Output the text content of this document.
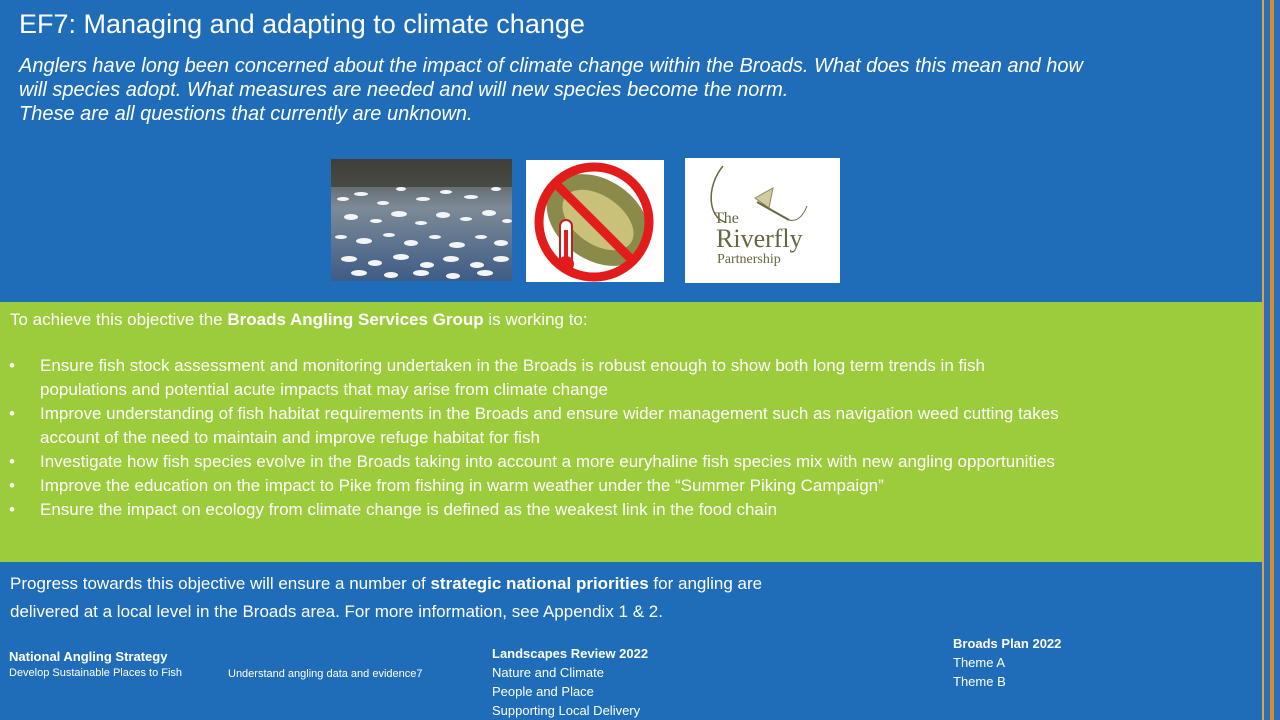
EF7: Managing and adapting to climate change
Anglers have long been concerned about the impact of climate change within the Broads. What does this mean and how
will species adopt. What measures are needed and will new species become the norm.
These are all questions that currently are unknown.
The
Riverfly
Partnership
To achieve this objective the Broads Angling Services Group is working to:
• Ensure fish stock assessment and monitoring undertaken in the Broads is robust enough to show both long term trends in fish
populations and potential acute impacts that may arise from climate change
• Improve understanding of fish habitat requirements in the Broads and ensure wider management such as navigation weed cutting takes
account of the need to maintain and improve refuge habitat for fish
• Investigate how fish species evolve in the Broads taking into account a more euryhaline fish species mix with new angling opportunities
• Improve the education on the impact to Pike from fishing in warm weather under the “Summer Piking Campaign”
• Ensure the impact on ecology from climate change is defined as the weakest link in the food chain
Progress towards this objective will ensure a number of strategic national priorities for angling are
delivered at a local level in the Broads area. For more information, see Appendix 1 & 2.
National Angling Strategy
Develop Sustainable Places to Fish	Understand angling data and evidence7
Landscapes Review 2022
Nature and Climate
People and Place
Supporting Local Delivery
Broads Plan 2022
Theme A
Theme B
